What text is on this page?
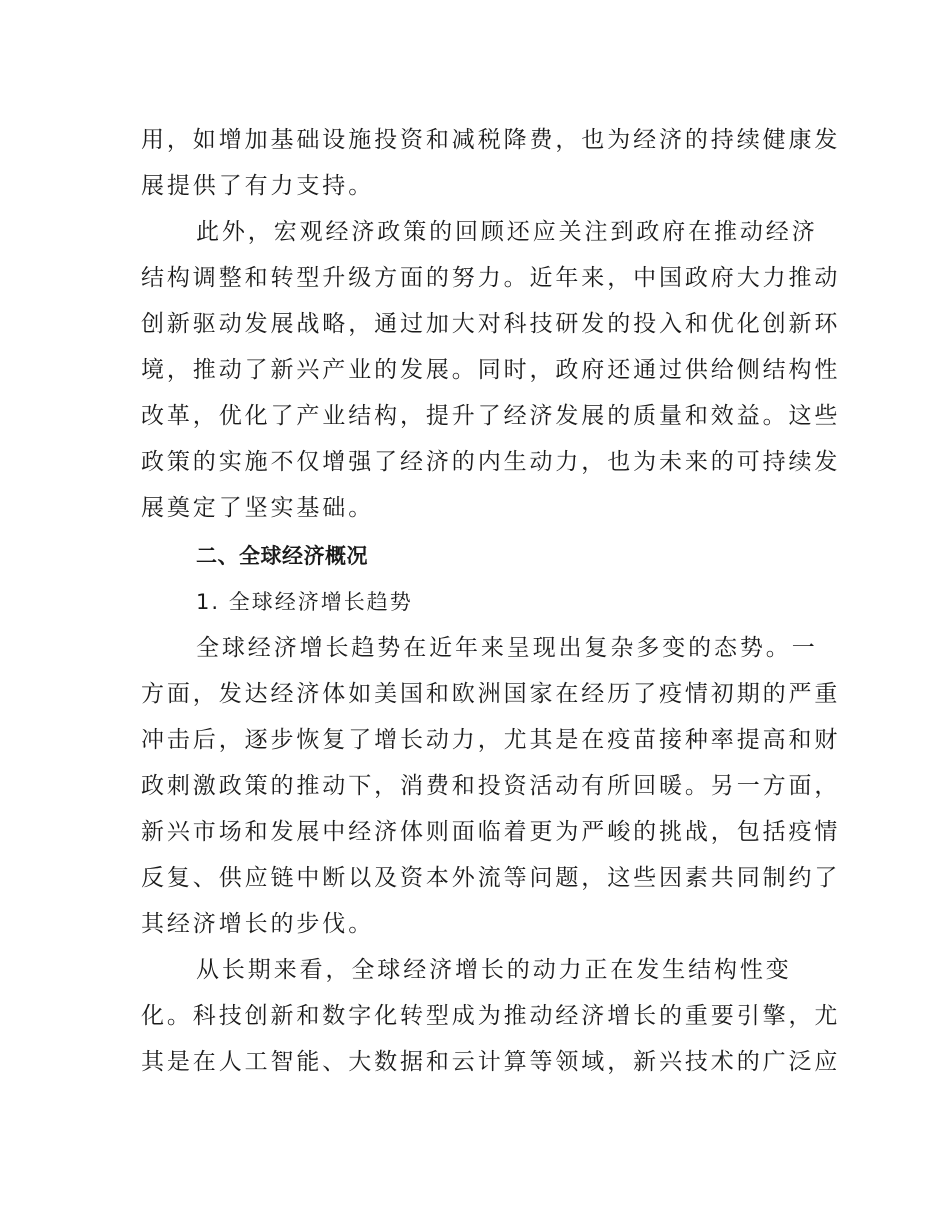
用，如增加基础设施投资和减税降费，也为经济的持续健康发
展提供了有力支持。
此外，宏观经济政策的回顾还应关注到政府在推动经济
结构调整和转型升级方面的努力。近年来，中国政府大力推动
创新驱动发展战略，通过加大对科技研发的投入和优化创新环
境，推动了新兴产业的发展。同时，政府还通过供给侧结构性
改革，优化了产业结构，提升了经济发展的质量和效益。这些
政策的实施不仅增强了经济的内生动力，也为未来的可持续发
展奠定了坚实基础。
二、全球经济概况
1. 全球经济增长趋势
全球经济增长趋势在近年来呈现出复杂多变的态势。一
方面，发达经济体如美国和欧洲国家在经历了疫情初期的严重
冲击后，逐步恢复了增长动力，尤其是在疫苗接种率提高和财
政刺激政策的推动下，消费和投资活动有所回暖。另一方面，
新兴市场和发展中经济体则面临着更为严峻的挑战，包括疫情
反复、供应链中断以及资本外流等问题，这些因素共同制约了
其经济增长的步伐。
从长期来看，全球经济增长的动力正在发生结构性变
化。科技创新和数字化转型成为推动经济增长的重要引擎，尤
其是在人工智能、大数据和云计算等领域，新兴技术的广泛应
